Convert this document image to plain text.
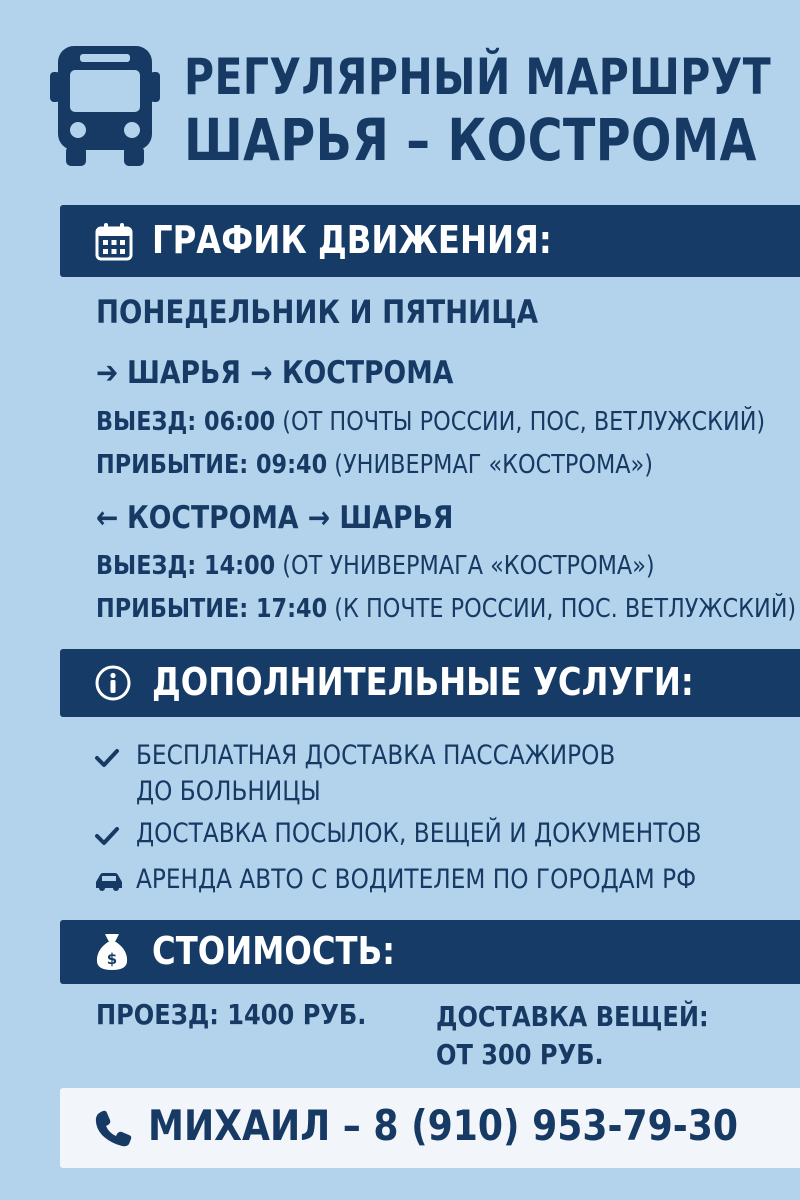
РЕГУЛЯРНЫЙ МАРШРУТ
ШАРЬЯ – КОСТРОМА
ГРАФИК ДВИЖЕНИЯ:
ПОНЕДЕЛЬНИК И ПЯТНИЦА
➔ ШАРЬЯ → КОСТРОМА
ВЫЕЗД: 06:00 (ОТ ПОЧТЫ РОССИИ, ПОС, ВЕТЛУЖСКИЙ)
ПРИБЫТИЕ: 09:40 (УНИВЕРМАГ «КОСТРОМА»)
← КОСТРОМА → ШАРЬЯ
ВЫЕЗД: 14:00 (ОТ УНИВЕРМАГА «КОСТРОМА»)
ПРИБЫТИЕ: 17:40 (К ПОЧТЕ РОССИИ, ПОС. ВЕТЛУЖСКИЙ)
ДОПОЛНИТЕЛЬНЫЕ УСЛУГИ:
БЕСПЛАТНАЯ ДОСТАВКА ПАССАЖИРОВ
ДО БОЛЬНИЦЫ
ДОСТАВКА ПОСЫЛОК, ВЕЩЕЙ И ДОКУМЕНТОВ
АРЕНДА АВТО С ВОДИТЕЛЕМ ПО ГОРОДАМ РФ
$ СТОИМОСТЬ:
ПРОЕЗД: 1400 РУБ. ДОСТАВКА ВЕЩЕЙ:
ОТ 300 РУБ.
МИХАИЛ – 8 (910) 953-79-30
